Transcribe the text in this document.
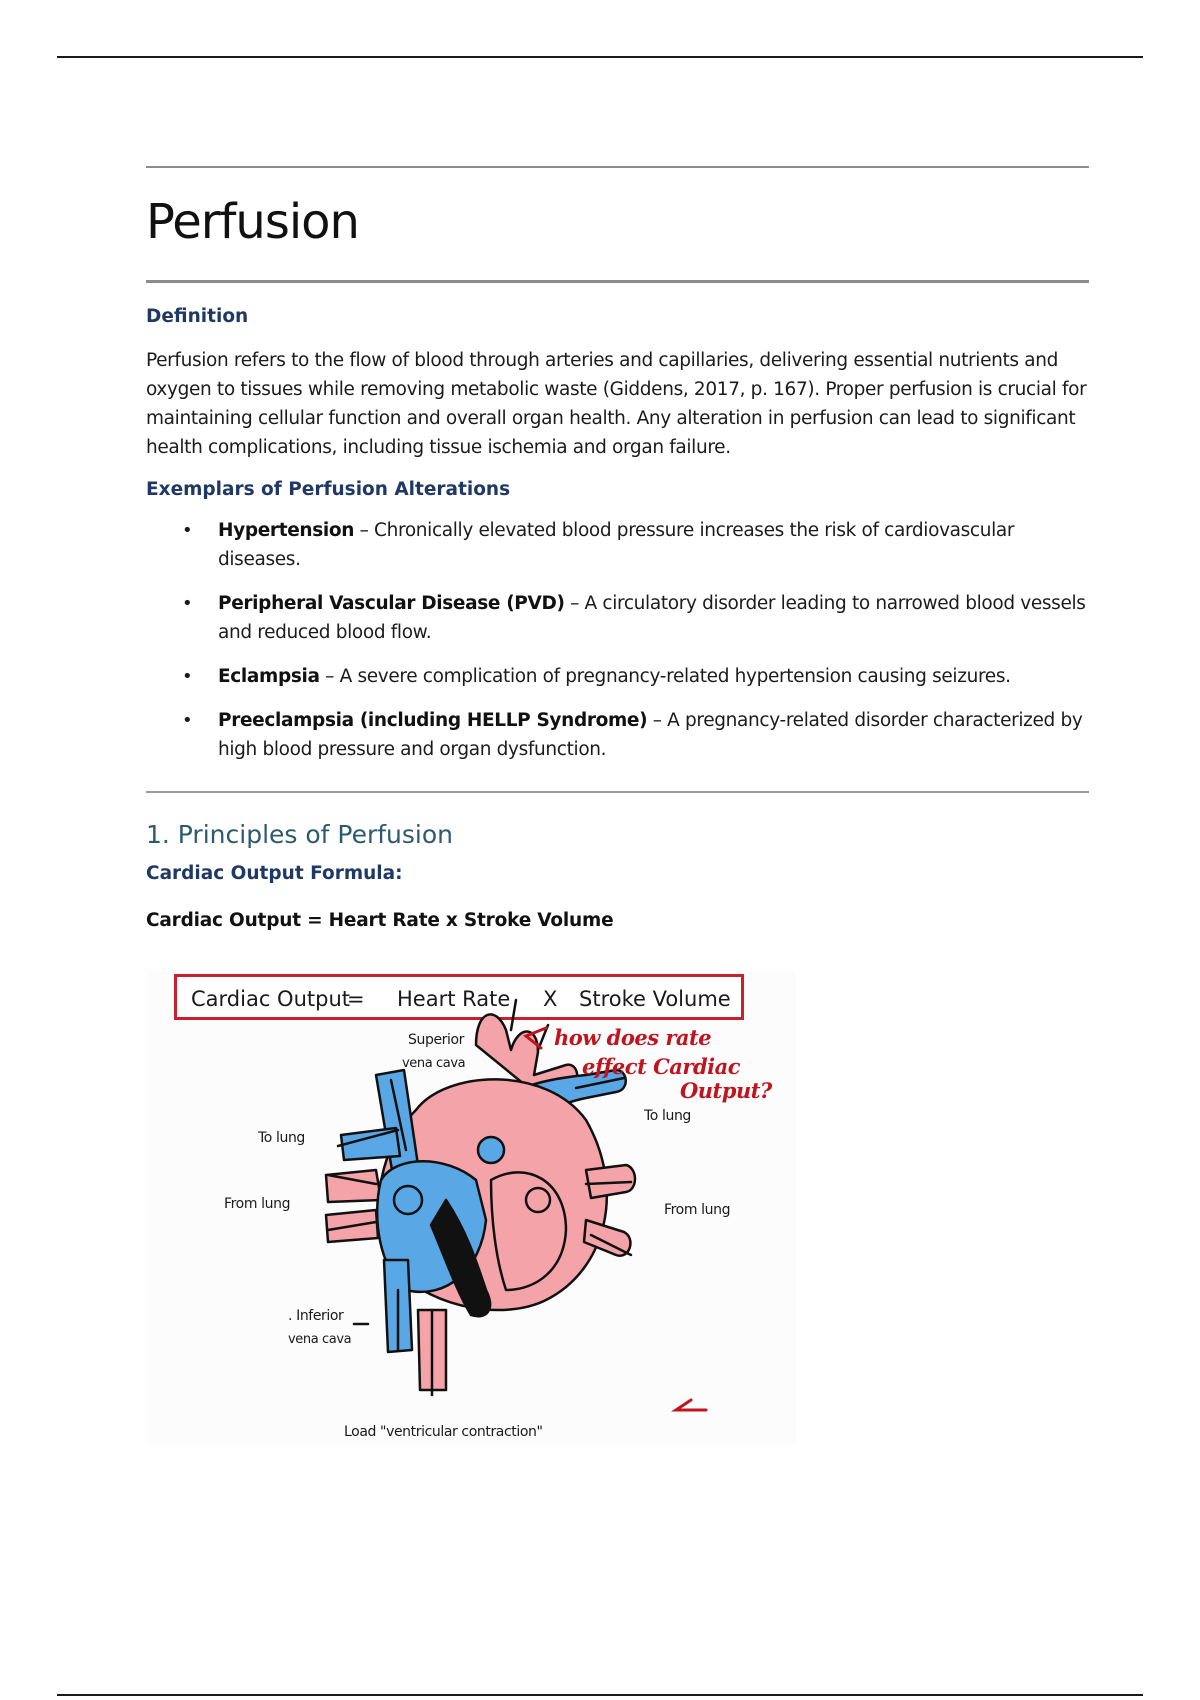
Perfusion
Definition

Perfusion refers to the flow of blood through arteries and capillaries, delivering essential nutrients and oxygen to tissues while removing metabolic waste (Giddens, 2017, p. 167). Proper perfusion is crucial for maintaining cellular function and overall organ health. Any alteration in perfusion can lead to significant health complications, including tissue ischemia and organ failure.

Exemplars of Perfusion Alterations
• Hypertension – Chronically elevated blood pressure increases the risk of cardiovascular diseases.
• Peripheral Vascular Disease (PVD) – A circulatory disorder leading to narrowed blood vessels and reduced blood flow.
• Eclampsia – A severe complication of pregnancy-related hypertension causing seizures.
• Preeclampsia (including HELLP Syndrome) – A pregnancy-related disorder characterized by high blood pressure and organ dysfunction.
1. Principles of Perfusion
Cardiac Output Formula:
Cardiac Output = Heart Rate x Stroke Volume
Cardiac Output
= Heart Rate X Stroke Volume
Superior
vena cava
To lung
To lung
From lung	From lung
. Inferior
vena cava
Load "ventricular contraction"
how does rate
effect Cardiac
Output?
